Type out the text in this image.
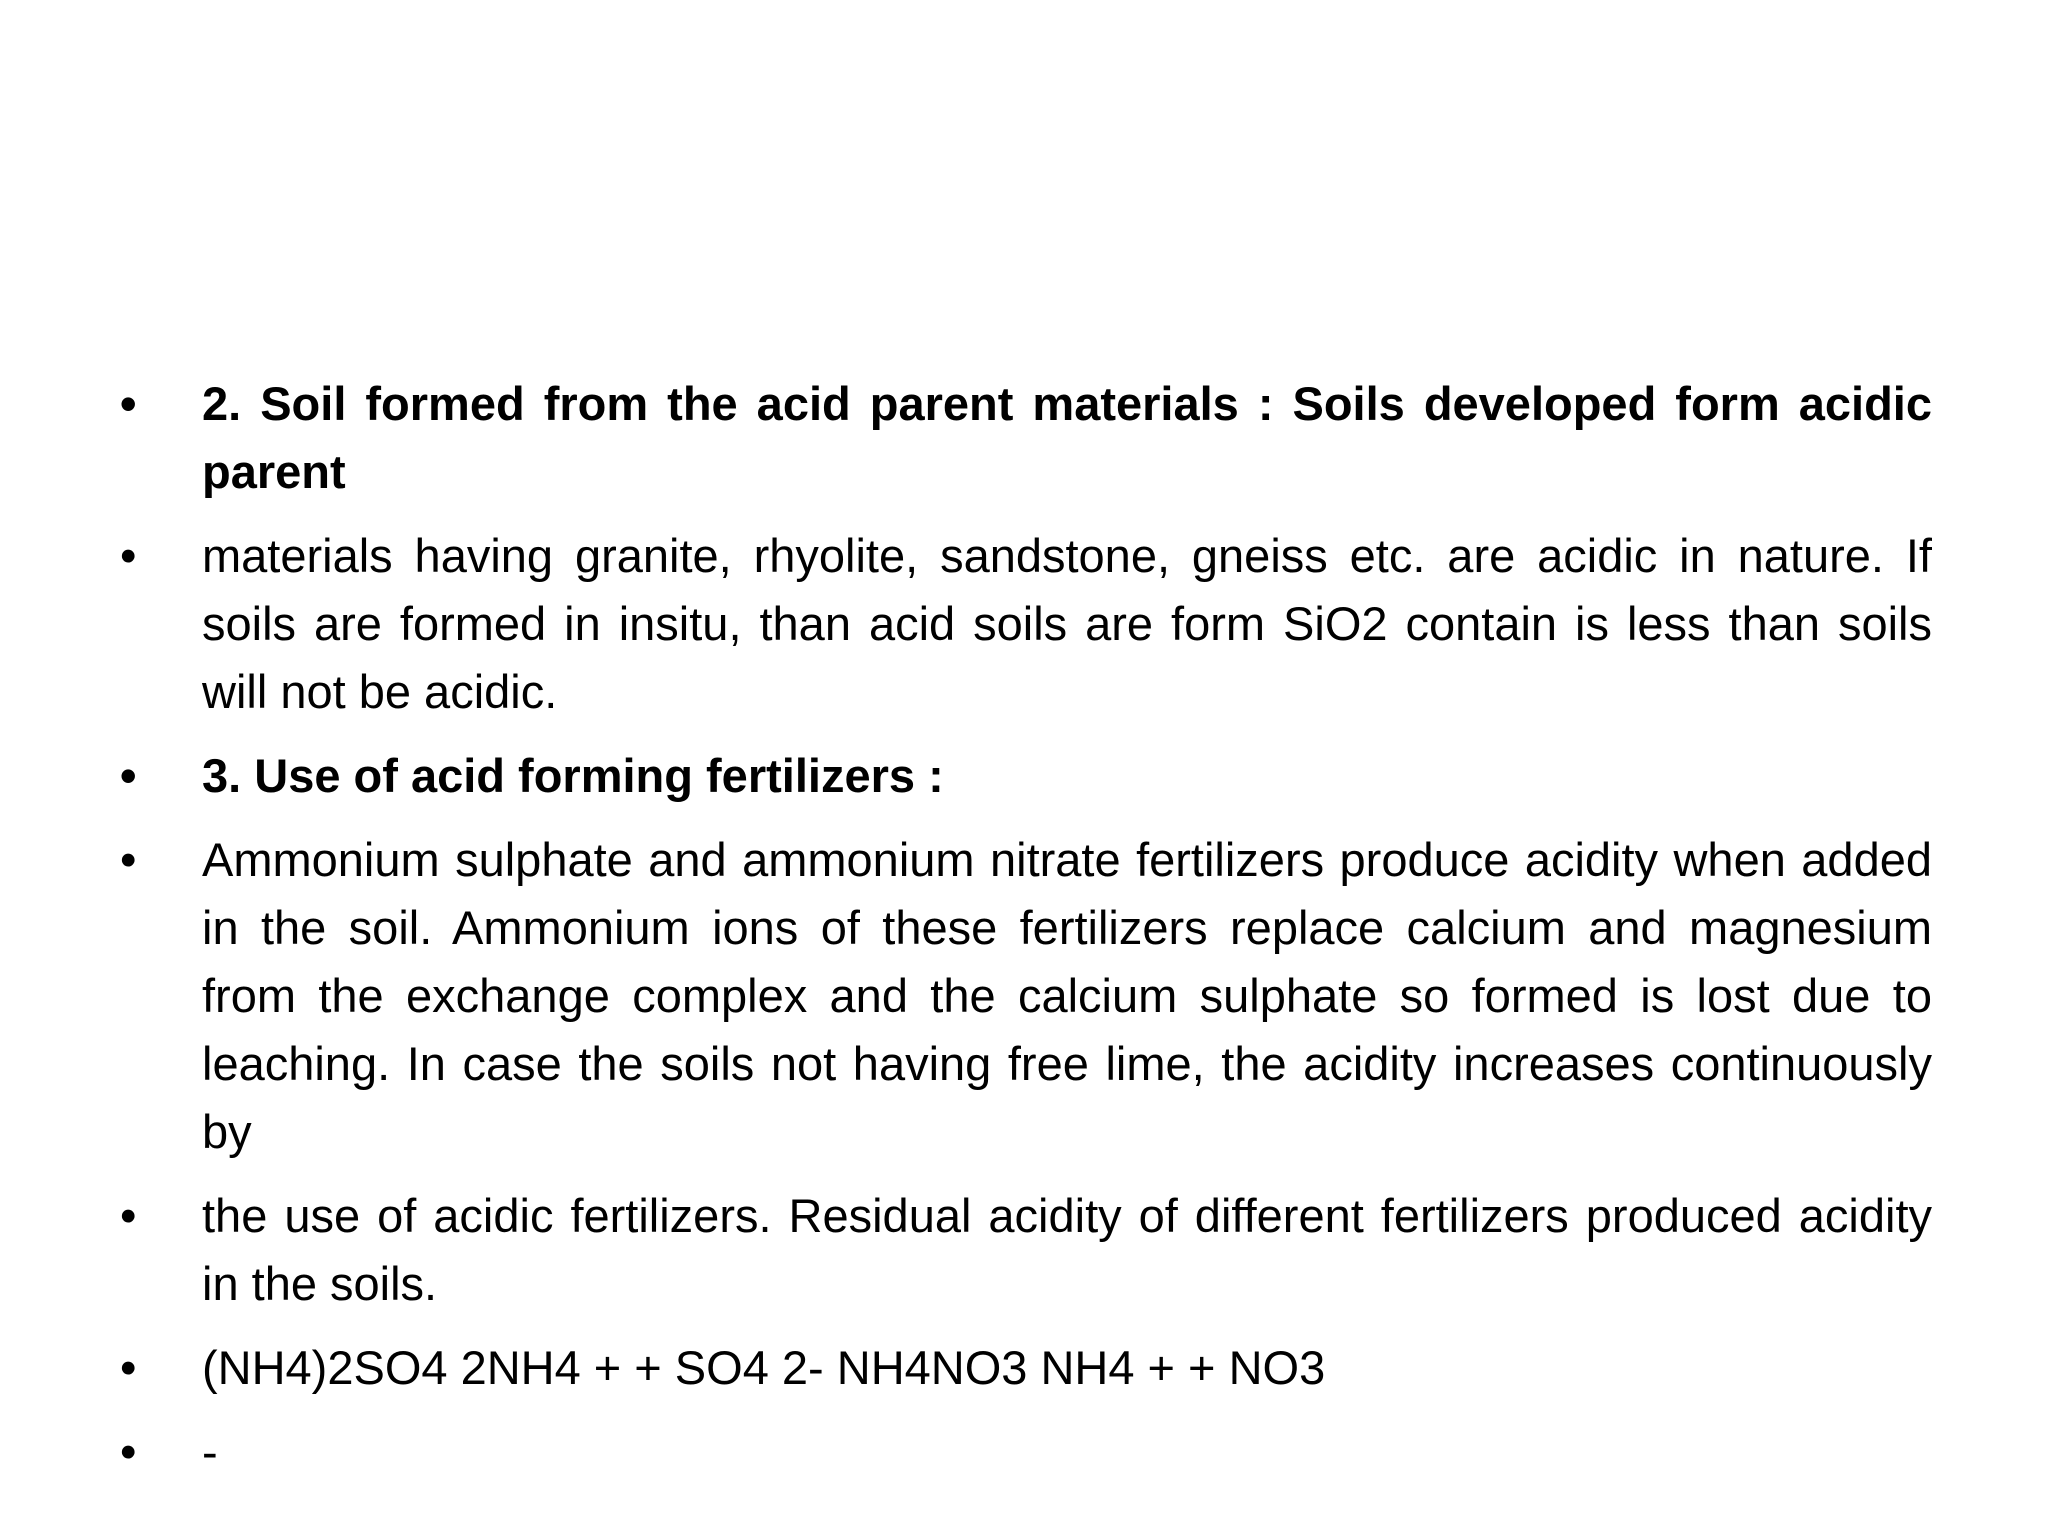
• 2. Soil formed from the acid parent materials : Soils developed form acidic parent
• materials having granite, rhyolite, sandstone, gneiss etc. are acidic in nature. If soils are formed in insitu, than acid soils are form SiO2 contain is less than soils will not be acidic.
• 3. Use of acid forming fertilizers :
• Ammonium sulphate and ammonium nitrate fertilizers produce acidity when added in the soil. Ammonium ions of these fertilizers replace calcium and magnesium from the exchange complex and the calcium sulphate so formed is lost due to leaching. In case the soils not having free lime, the acidity increases continuously by
• the use of acidic fertilizers. Residual acidity of different fertilizers produced acidity in the soils.
• (NH4)2SO4 2NH4 + + SO4 2- NH4NO3 NH4 + + NO3
• -
